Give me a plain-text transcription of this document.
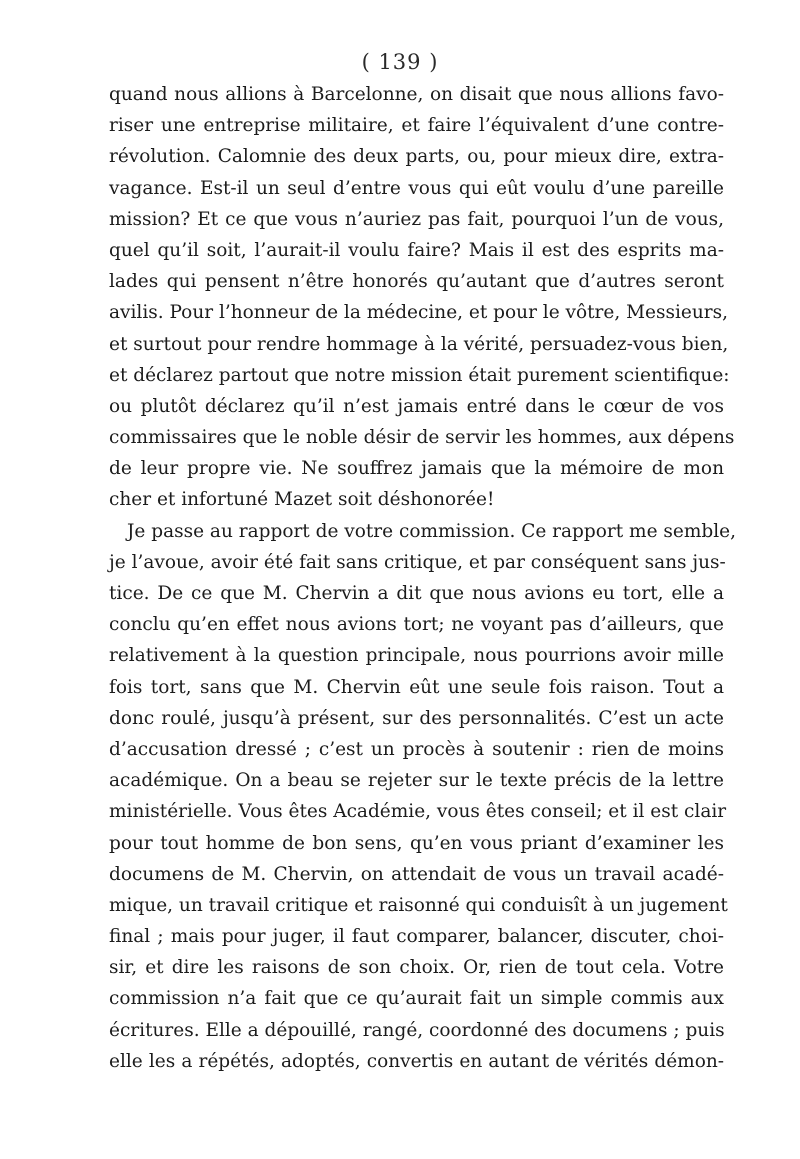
( 139 )
quand nous allions à Barcelonne, on disait que nous allions favo-
riser une entreprise militaire, et faire l’équivalent d’une contre-
révolution. Calomnie des deux parts, ou, pour mieux dire, extra-
vagance. Est-il un seul d’entre vous qui eût voulu d’une pareille
mission? Et ce que vous n’auriez pas fait, pourquoi l’un de vous,
quel qu’il soit, l’aurait-il voulu faire? Mais il est des esprits ma-
lades qui pensent n’être honorés qu’autant que d’autres seront
avilis. Pour l’honneur de la médecine, et pour le vôtre, Messieurs,
et surtout pour rendre hommage à la vérité, persuadez-vous bien,
et déclarez partout que notre mission était purement scientifique:
ou plutôt déclarez qu’il n’est jamais entré dans le cœur de vos
commissaires que le noble désir de servir les hommes, aux dépens
de leur propre vie. Ne souffrez jamais que la mémoire de mon
cher et infortuné Mazet soit déshonorée!
Je passe au rapport de votre commission. Ce rapport me semble,
je l’avoue, avoir été fait sans critique, et par conséquent sans jus-
tice. De ce que M. Chervin a dit que nous avions eu tort, elle a
conclu qu’en effet nous avions tort; ne voyant pas d’ailleurs, que
relativement à la question principale, nous pourrions avoir mille
fois tort, sans que M. Chervin eût une seule fois raison. Tout a
donc roulé, jusqu’à présent, sur des personnalités. C’est un acte
d’accusation dressé ; c’est un procès à soutenir : rien de moins
académique. On a beau se rejeter sur le texte précis de la lettre
ministérielle. Vous êtes Académie, vous êtes conseil; et il est clair
pour tout homme de bon sens, qu’en vous priant d’examiner les
documens de M. Chervin, on attendait de vous un travail acadé-
mique, un travail critique et raisonné qui conduisît à un jugement
final ; mais pour juger, il faut comparer, balancer, discuter, choi-
sir, et dire les raisons de son choix. Or, rien de tout cela. Votre
commission n’a fait que ce qu’aurait fait un simple commis aux
écritures. Elle a dépouillé, rangé, coordonné des documens ; puis
elle les a répétés, adoptés, convertis en autant de vérités démon-
